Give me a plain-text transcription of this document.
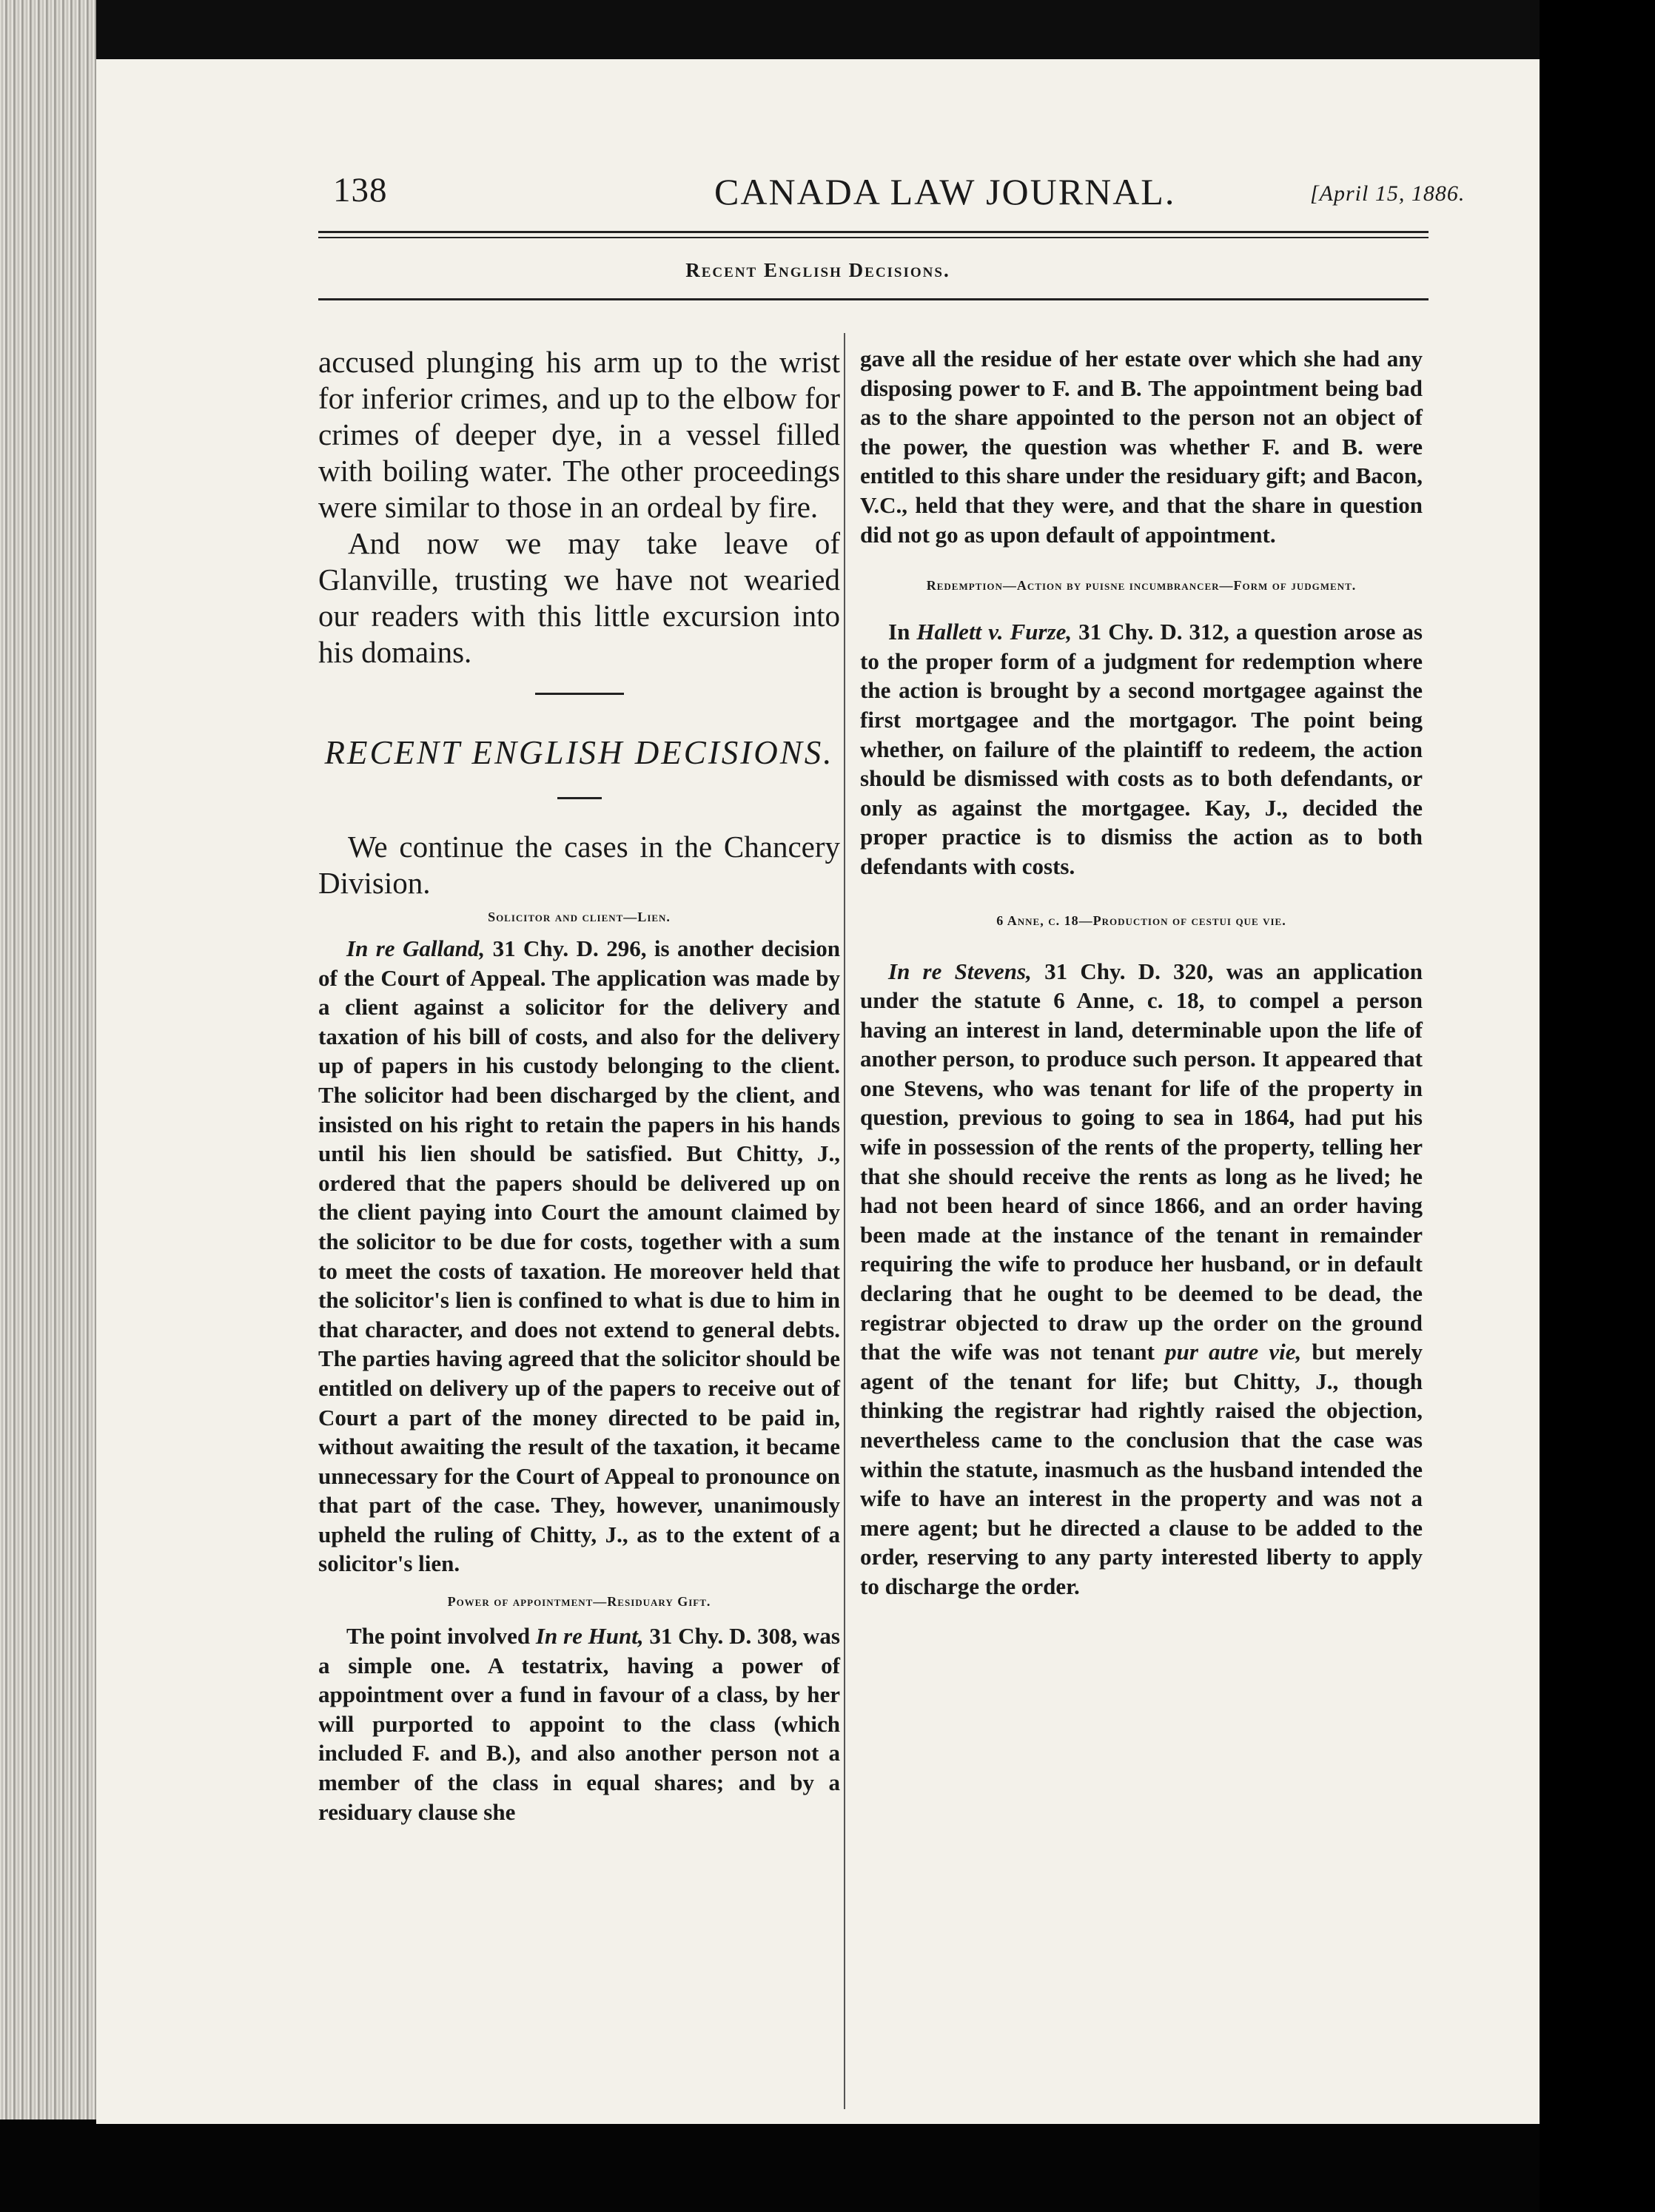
138	CANADA LAW JOURNAL.	[April 15, 1886.
Recent English Decisions.

accused plunging his arm up to the wrist for inferior crimes, and up to the elbow for crimes of deeper dye, in a vessel filled with boiling water. The other proceedings were similar to those in an ordeal by fire.

And now we may take leave of Glanville, trusting we have not wearied our readers with this little excursion into his domains.

RECENT ENGLISH DECISIONS.

We continue the cases in the Chancery Division.

Solicitor and client—Lien.

In re Galland, 31 Chy. D. 296, is another decision of the Court of Appeal. The application was made by a client against a solicitor for the delivery and taxation of his bill of costs, and also for the delivery up of papers in his custody belonging to the client. The solicitor had been discharged by the client, and insisted on his right to retain the papers in his hands until his lien should be satisfied. But Chitty, J., ordered that the papers should be delivered up on the client paying into Court the amount claimed by the solicitor to be due for costs, together with a sum to meet the costs of taxation. He moreover held that the solicitor's lien is confined to what is due to him in that character, and does not extend to general debts. The parties having agreed that the solicitor should be entitled on delivery up of the papers to receive out of Court a part of the money directed to be paid in, without awaiting the result of the taxation, it became unnecessary for the Court of Appeal to pronounce on that part of the case. They, however, unanimously upheld the ruling of Chitty, J., as to the extent of a solicitor's lien.

Power of appointment—Residuary Gift.

The point involved In re Hunt, 31 Chy. D. 308, was a simple one. A testatrix, having a power of appointment over a fund in favour of a class, by her will purported to appoint to the class (which included F. and B.), and also another person not a member of the class in equal shares; and by a residuary clause she

gave all the residue of her estate over which she had any disposing power to F. and B. The appointment being bad as to the share appointed to the person not an object of the power, the question was whether F. and B. were entitled to this share under the residuary gift; and Bacon, V.C., held that they were, and that the share in question did not go as upon default of appointment.

Redemption—Action by puisne incumbrancer—Form of judgment.

In Hallett v. Furze, 31 Chy. D. 312, a question arose as to the proper form of a judgment for redemption where the action is brought by a second mortgagee against the first mortgagee and the mortgagor. The point being whether, on failure of the plaintiff to redeem, the action should be dismissed with costs as to both defendants, or only as against the mortgagee. Kay, J., decided the proper practice is to dismiss the action as to both defendants with costs.

6 Anne, c. 18—Production of cestui que vie.

In re Stevens, 31 Chy. D. 320, was an application under the statute 6 Anne, c. 18, to compel a person having an interest in land, determinable upon the life of another person, to produce such person. It appeared that one Stevens, who was tenant for life of the property in question, previous to going to sea in 1864, had put his wife in possession of the rents of the property, telling her that she should receive the rents as long as he lived; he had not been heard of since 1866, and an order having been made at the instance of the tenant in remainder requiring the wife to produce her husband, or in default declaring that he ought to be deemed to be dead, the registrar objected to draw up the order on the ground that the wife was not tenant pur autre vie, but merely agent of the tenant for life; but Chitty, J., though thinking the registrar had rightly raised the objection, nevertheless came to the conclusion that the case was within the statute, inasmuch as the husband intended the wife to have an interest in the property and was not a mere agent; but he directed a clause to be added to the order, reserving to any party interested liberty to apply to discharge the order.
